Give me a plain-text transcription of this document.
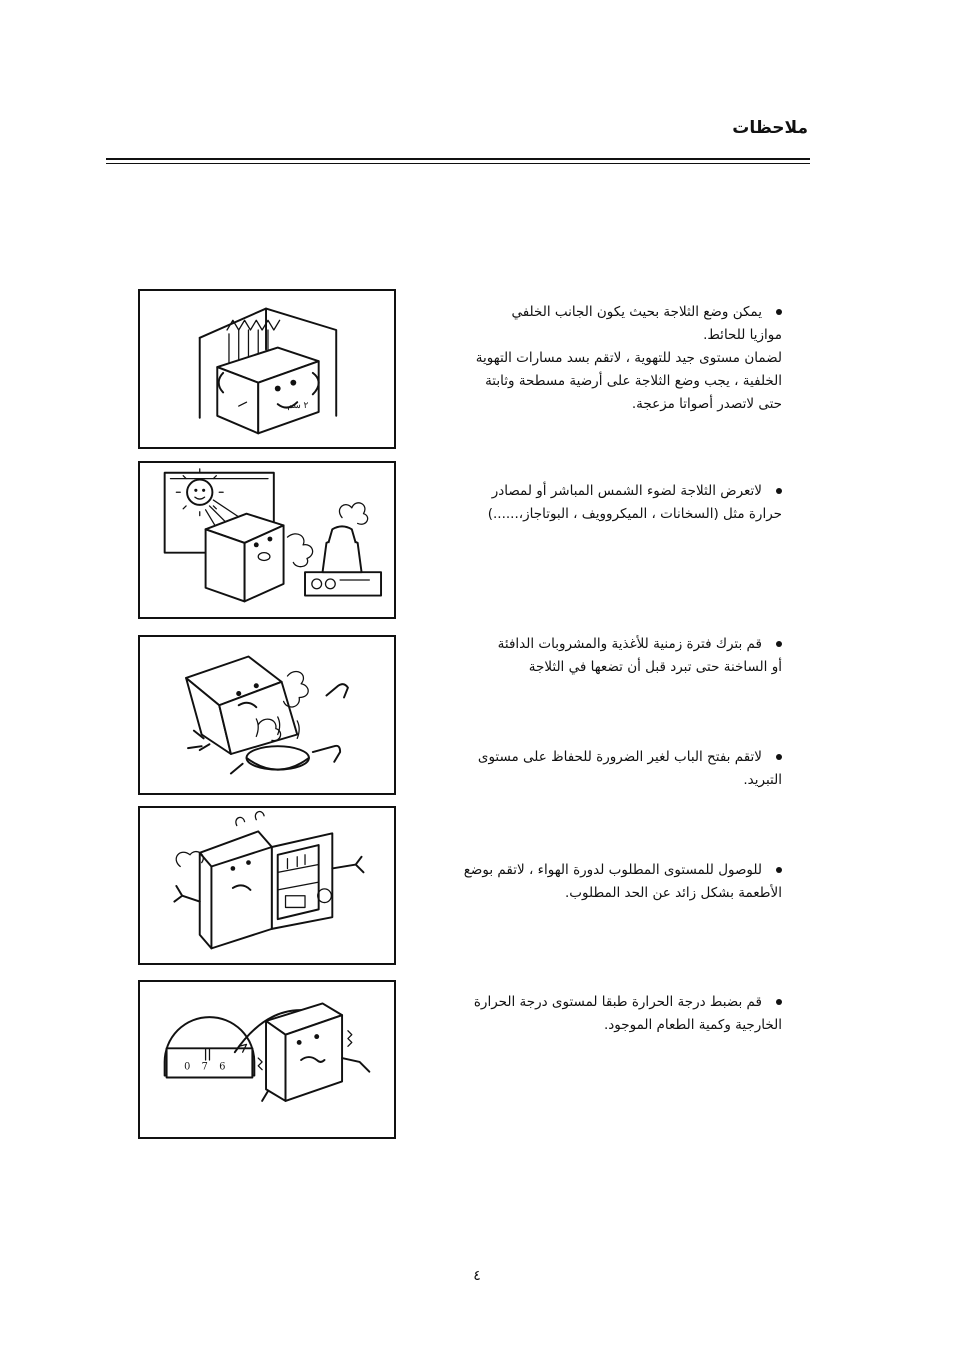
ملاحظات
٢ سم
0 7 6
يمكن وضع الثلاجة بحيث يكون الجانب الخلفي
موازيا للحائط.
لضمان مستوى جيد للتهوية ، لاتقم بسد مسارات التهوية
الخلفية ، يجب وضع الثلاجة على أرضية مسطحة وثابتة
حتى لاتصدر أصواتا مزعجة.
لاتعرض الثلاجة لضوء الشمس المباشر أو لمصادر
حرارة مثل (السخانات ، الميكروويف ، البوتاجاز،......)
قم بترك فترة زمنية للأغذية والمشروبات الدافئة
أو الساخنة حتى تبرد قبل أن تضعها في الثلاجة
لاتقم بفتح الباب لغير الضرورة للحفاظ على مستوى
التبريد.
للوصول للمستوى المطلوب لدورة الهواء ، لاتقم بوضع
الأطعمة بشكل زائد عن الحد المطلوب.
قم بضبط درجة الحرارة طبقا لمستوى درجة الحرارة
الخارجية وكمية الطعام الموجود.
٤
